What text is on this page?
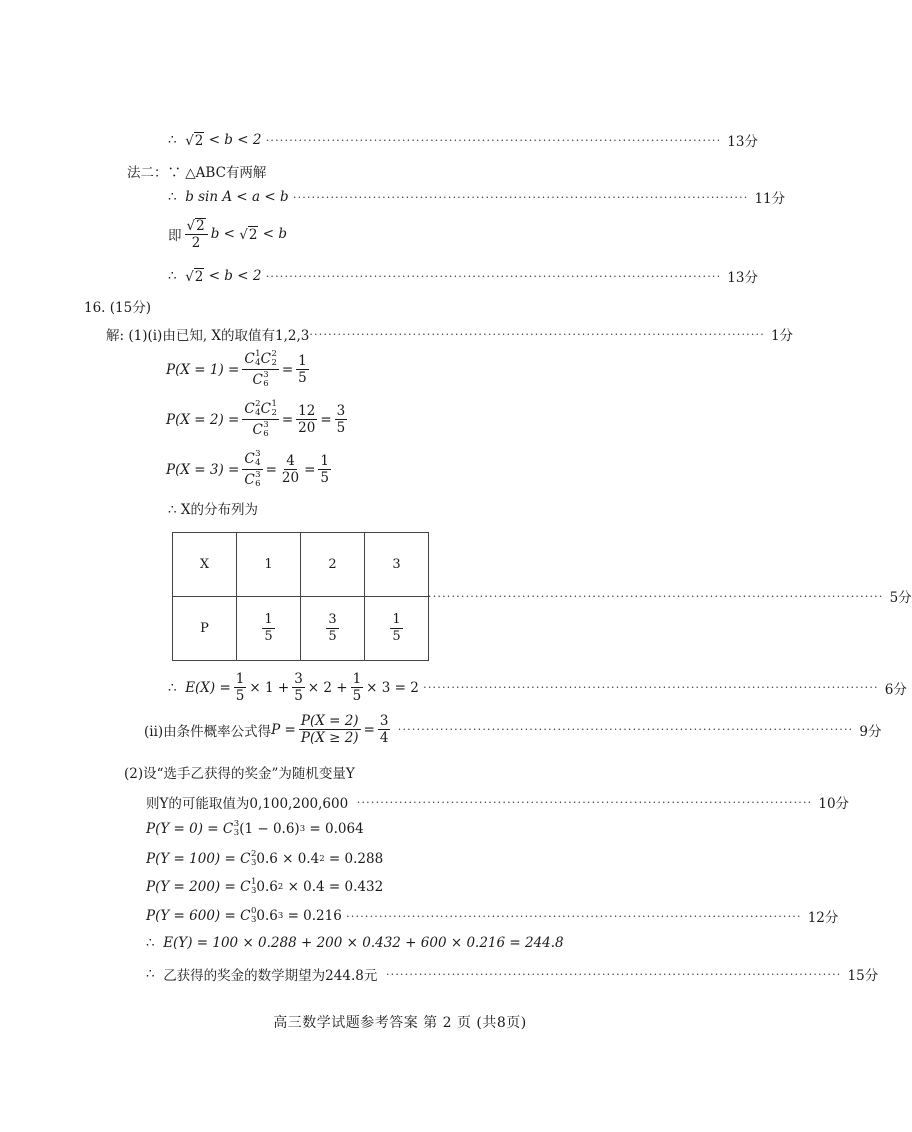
∴
√ 2
< b < 2
································································································· 13分
法二：∵
△ABC有两解
∴
b sin A < a < b
································································································· 11分
即 $\frac{√ 2}{2}$ b <
√ 2
< b
∴
√ 2
< b < 2
································································································· 13分
16. (15分)
解: (1)(i)由已知, X的取值有1,2,3 ································································································· 1分
P(X = 1) = C 1
4 C 2
2
C 3
$6 = \frac{1}{5}$
P(X = 2) = C 2
4 C 1
2
C 3
$6 = \frac{12}{20} = \frac{3}{5}$
P(X = 3) = C 3
4
C 3
$6 = \frac{4}{20} = \frac{1}{5}$
∴ X的分布列为
X	1	2	3
P	$\frac{1}{5}$	$\frac{3}{5}$	$\frac{1}{5}$
································································································· 5分
∴
$E(X) = \frac{1}{5} \times 1 + \frac{3}{5} \times 2 + \frac{1}{5} \times 3 = 2$
································································································· 6分
(ii)由条件概率公式得 $P = \frac{P(X = 2)}{P(X \ge 2)} = \frac{3}{4}$
································································································· 9分
(2)设“选手乙获得的奖金”为随机变量Y
则Y的可能取值为0,100,200,600
································································································· 10分
P(Y = 0) =
C 3
3 (1 − 0.6) 3
= 0.064
P(Y = 100) =
C 2
3 0.6 × 0.4 2
= 0.288
P(Y = 200) =
C 1
3 0.6 2
× 0.4 = 0.432
P(Y = 600) =
C 0
3 0.6 3
= 0.216
································································································· 12分
∴
E(Y) = 100 × 0.288 + 200 × 0.432 + 600 × 0.216 = 244.8
∴
乙获得的奖金的数学期望为244.8元
································································································· 15分
高三数学试题参考答案 第 2 页 (共8页)
